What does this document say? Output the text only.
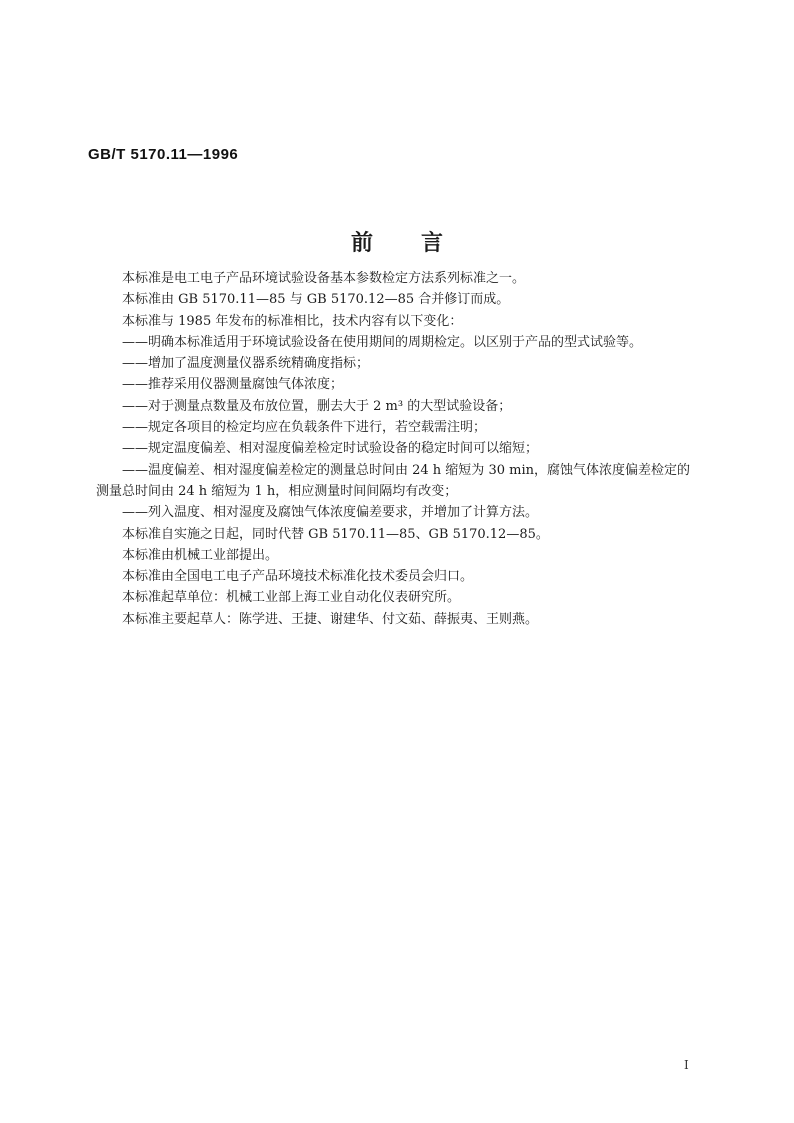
GB/T 5170.11—1996
前 言

本标准是电工电子产品环境试验设备基本参数检定方法系列标准之一。

本标准由 GB 5170.11—85 与 GB 5170.12—85 合并修订而成。

本标准与 1985 年发布的标准相比，技术内容有以下变化：

——明确本标准适用于环境试验设备在使用期间的周期检定。以区别于产品的型式试验等。

——增加了温度测量仪器系统精确度指标；

——推荐采用仪器测量腐蚀气体浓度；

——对于测量点数量及布放位置，删去大于 2 m³ 的大型试验设备；

——规定各项目的检定均应在负载条件下进行，若空载需注明；

——规定温度偏差、相对湿度偏差检定时试验设备的稳定时间可以缩短；

——温度偏差、相对湿度偏差检定的测量总时间由 24 h 缩短为 30 min，腐蚀气体浓度偏差检定的

测量总时间由 24 h 缩短为 1 h，相应测量时间间隔均有改变；

——列入温度、相对湿度及腐蚀气体浓度偏差要求，并增加了计算方法。

本标准自实施之日起，同时代替 GB 5170.11—85、GB 5170.12—85。

本标准由机械工业部提出。

本标准由全国电工电子产品环境技术标准化技术委员会归口。

本标准起草单位：机械工业部上海工业自动化仪表研究所。

本标准主要起草人：陈学进、王捷、谢建华、付文茹、薛振夷、王则燕。

I
